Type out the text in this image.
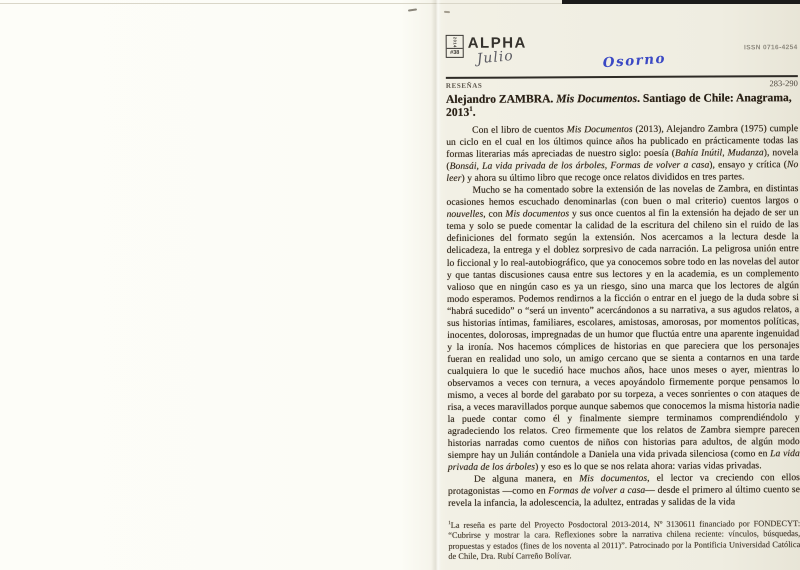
2014
#38
ALPHA	ISSN 0716-4254
Julio	Osorno
RESEÑAS	283-290
Alejandro ZAMBRA. Mis Documentos. Santiago de Chile: Anagrama, 2013$^1$.

Con el libro de cuentos Mis Documentos (2013), Alejandro Zambra (1975) cumple un ciclo en el cual en los últimos quince años ha publicado en prácticamente todas las formas literarias más apreciadas de nuestro siglo: poesía (Bahía Inútil, Mudanza), novela (Bonsái, La vida privada de los árboles, Formas de volver a casa), ensayo y crítica (No leer) y ahora su último libro que recoge once relatos divididos en tres partes.

Mucho se ha comentado sobre la extensión de las novelas de Zambra, en distintas ocasiones hemos escuchado denominarlas (con buen o mal criterio) cuentos largos o nouvelles, con Mis documentos y sus once cuentos al fin la extensión ha dejado de ser un tema y solo se puede comentar la calidad de la escritura del chileno sin el ruido de las definiciones del formato según la extensión. Nos acercamos a la lectura desde la delicadeza, la entrega y el doblez sorpresivo de cada narración. La peligrosa unión entre lo ficcional y lo real-autobiográfico, que ya conocemos sobre todo en las novelas del autor y que tantas discusiones causa entre sus lectores y en la academia, es un complemento valioso que en ningún caso es ya un riesgo, sino una marca que los lectores de algún modo esperamos. Podemos rendirnos a la ficción o entrar en el juego de la duda sobre si “habrá sucedido” o “será un invento” acercándonos a su narrativa, a sus agudos relatos, a sus historias íntimas, familiares, escolares, amistosas, amorosas, por momentos políticas, inocentes, dolorosas, impregnadas de un humor que fluctúa entre una aparente ingenuidad y la ironía. Nos hacemos cómplices de historias en que pareciera que los personajes fueran en realidad uno solo, un amigo cercano que se sienta a contarnos en una tarde cualquiera lo que le sucedió hace muchos años, hace unos meses o ayer, mientras lo observamos a veces con ternura, a veces apoyándolo firmemente porque pensamos lo mismo, a veces al borde del garabato por su torpeza, a veces sonrientes o con ataques de risa, a veces maravillados porque aunque sabemos que conocemos la misma historia nadie la puede contar como él y finalmente siempre terminamos comprendiéndolo y agradeciendo los relatos. Creo firmemente que los relatos de Zambra siempre parecen historias narradas como cuentos de niños con historias para adultos, de algún modo siempre hay un Julián contándole a Daniela una vida privada silenciosa (como en La vida privada de los árboles) y eso es lo que se nos relata ahora: varias vidas privadas.

De alguna manera, en Mis documentos, el lector va creciendo con ellos protagonistas —como en Formas de volver a casa— desde el primero al último cuento se revela la infancia, la adolescencia, la adultez, entradas y salidas de la vida

$^1$La reseña es parte del Proyecto Posdoctoral 2013-2014, Nº 3130611 financiado por FONDECYT: “Cubrirse y mostrar la cara. Reflexiones sobre la narrativa chilena reciente: vínculos, búsquedas, propuestas y estados (fines de los noventa al 2011)”. Patrocinado por la Pontificia Universidad Católica de Chile, Dra. Rubí Carreño Bolívar.
